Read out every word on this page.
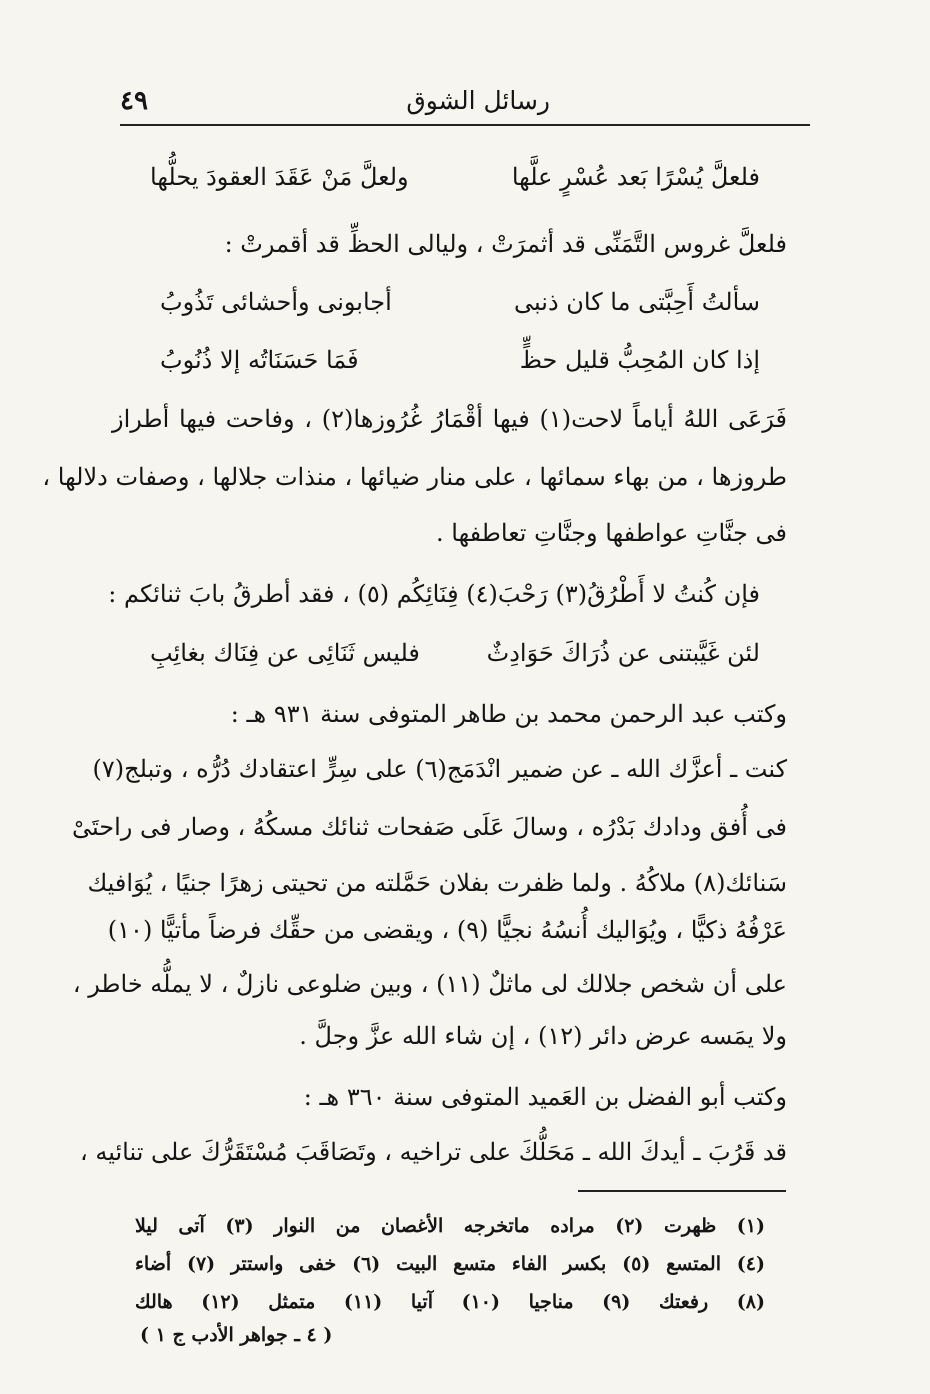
٤٩	رسائل الشوق
فلعلَّ يُسْرًا بَعد عُسْرٍ علَّها
ولعلَّ مَنْ عَقَدَ العقودَ يحلُّها
فلعلَّ غروس التَّمَنِّى قد أثمرَتْ ، وليالى الحظِّ قد أقمرتْ :
سألتُ أَحِبَّتى ما كان ذنبى
أجابونى وأحشائى تَذُوبُ
إذا كان المُحِبُّ قليل حظٍّ
فَمَا حَسَنَاتُه إلا ذُنُوبُ
فَرَعَى اللهُ أياماً لاحت(١) فيها أقْمَارُ غُرُوزها(٢) ، وفاحت فيها أطراز
طروزها ، من بهاء سمائها ، على منار ضيائها ، منذات جلالها ، وصفات دلالها ،
فى جنَّاتِ عواطفها وجنَّاتِ تعاطفها .
فإن كُنتُ لا أَطْرُقُ(٣) رَحْبَ(٤) فِنَائِكُم (٥) ، فقد أطرقُ بابَ ثنائكم :
لئن غَيَّبتنى عن ذُرَاكَ حَوَادِثٌ
فليس ثَنَائِى عن فِنَاك بغائِبِ
وكتب عبد الرحمن محمد بن طاهر المتوفى سنة ٩٣١ هـ :
كنت ـ أعزَّك الله ـ عن ضمير انْدَمَج(٦) على سِرٍّ اعتقادك دُرُّه ، وتبلج(٧)
فى أُفق ودادك بَدْرُه ، وسالَ عَلَى صَفحات ثنائك مسكُهُ ، وصار فى راحتَىْ
سَنائك(٨) ملاكُهُ . ولما ظفرت بفلان حَمَّلته من تحيتى زهرًا جنيًا ، يُوَافيك
عَرْفُهُ ذكيًّا ، ويُوَاليك أُنسُهُ نجيًّا (٩) ، ويقضى من حقِّك فرضاً مأتيًّا (١٠)
على أن شخص جلالك لى ماثلٌ (١١) ، وبين ضلوعى نازلٌ ، لا يملُّه خاطر ،
ولا يمَسه عرض دائر (١٢) ، إن شاء الله عزَّ وجلَّ .
وكتب أبو الفضل بن العَميد المتوفى سنة ٣٦٠ هـ :
قد قَرُبَ ـ أيدكَ الله ـ مَحَلُّكَ على تراخيه ، وتَصَاقَبَ مُسْتَقَرُّكَ على تنائيه ،
(١) ظهرت (٢) مراده ماتخرجه الأغصان من النوار (٣) آتى ليلا
(٤) المتسع (٥) بكسر الفاء متسع البيت (٦) خفى واستتر (٧) أضاء
(٨) رفعتك (٩) مناجيا (١٠) آتيا (١١) متمثل (١٢) هالك
( ٤ ـ جواهر الأدب ج ١ )
